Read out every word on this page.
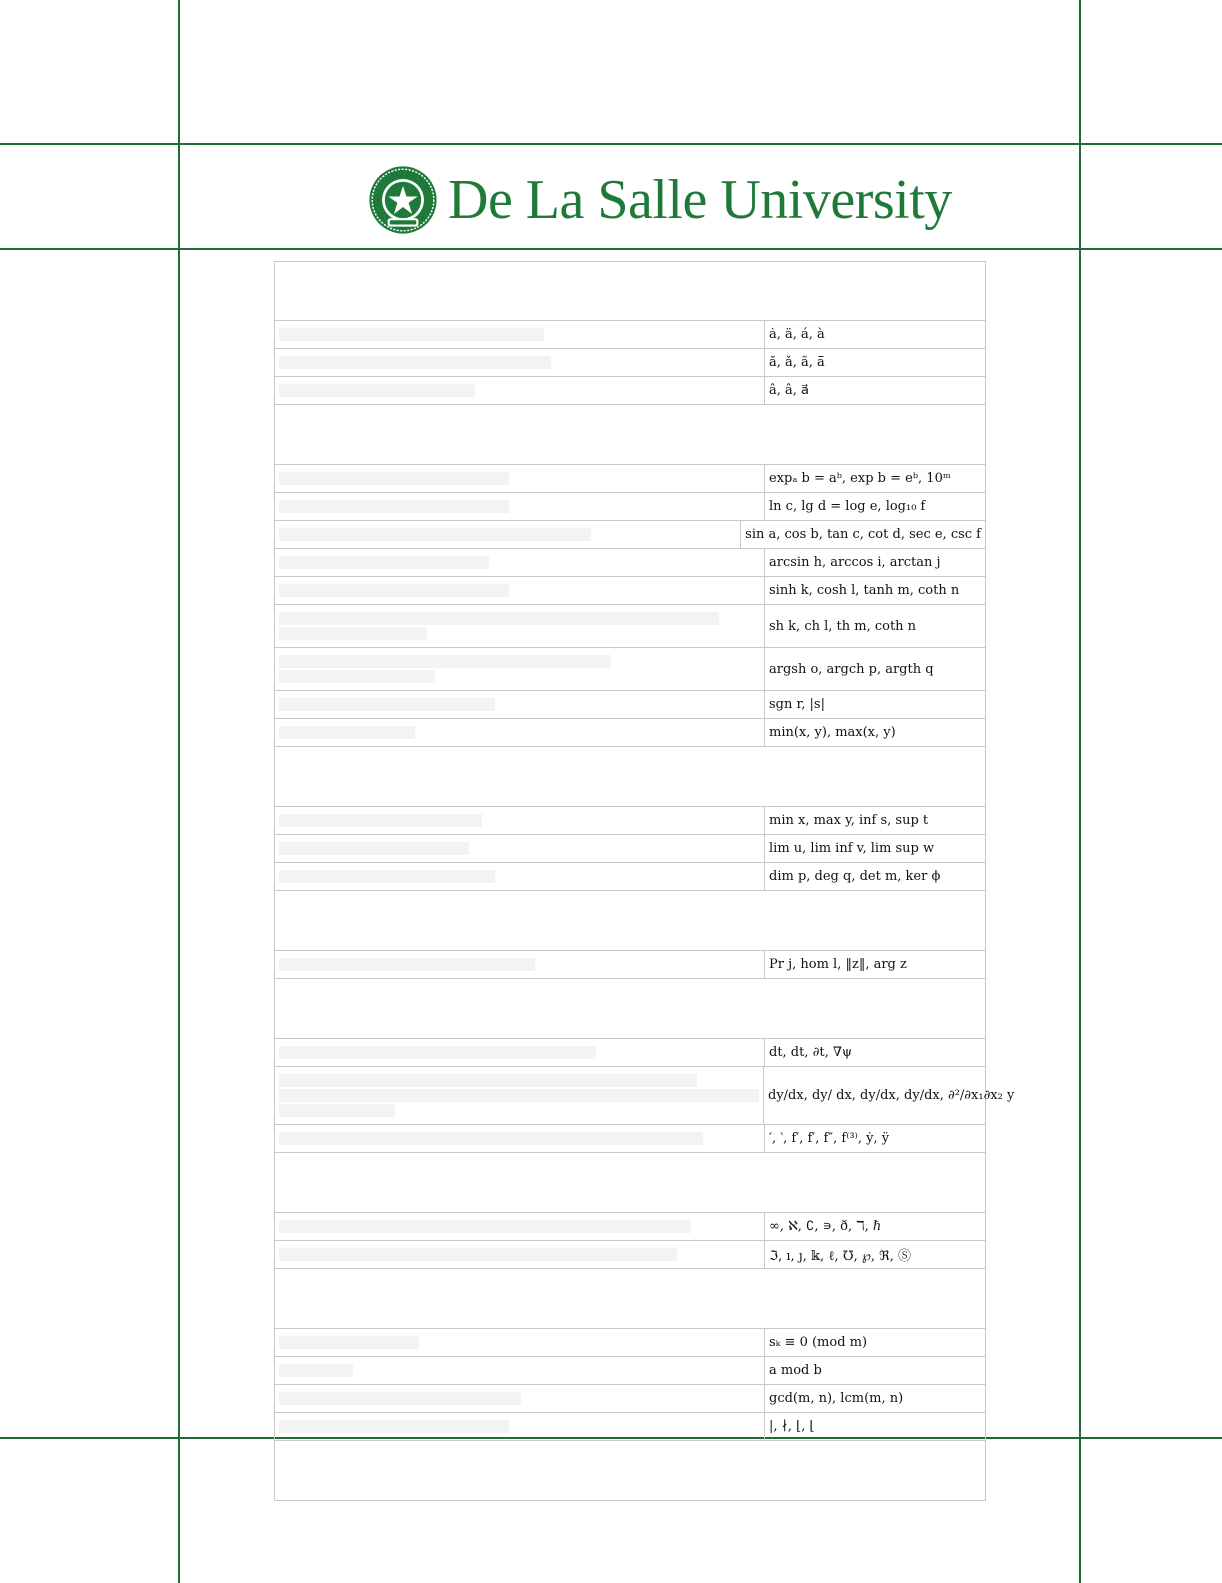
De La Salle University
ȧ, ä, á, à
ă, ǎ, ã, ā̄
â, â, a⃗
expₐ b = aᵇ, exp b = eᵇ, 10ᵐ
ln c, lg d = log e, log₁₀ f
sin a, cos b, tan c, cot d, sec e, csc f
arcsin h, arccos i, arctan j
sinh k, cosh l, tanh m, coth n
sh k, ch l, th m, coth n
argsh o, argch p, argth q
sgn r, |s|
min(x, y), max(x, y)
min x, max y, inf s, sup t
lim u, lim inf v, lim sup w
dim p, deg q, det m, ker ϕ
Pr j, hom l, ‖z‖, arg z
dt, dt, ∂t, ∇ψ
dy/dx, dy/ dx, dy/dx, dy/dx, ∂²/∂x₁∂x₂ y
′, ‵, f′, f′, f″, f⁽³⁾, ẏ, ÿ
∞, ℵ, ∁, ∍, ð, ℸ, ℏ
ℑ, ı, ȷ, 𝕜, ℓ, ℧, ℘, ℜ, Ⓢ
sₖ ≡ 0 (mod m)
a mod b
gcd(m, n), lcm(m, n)
|, ∤, ⌊, ⌊
